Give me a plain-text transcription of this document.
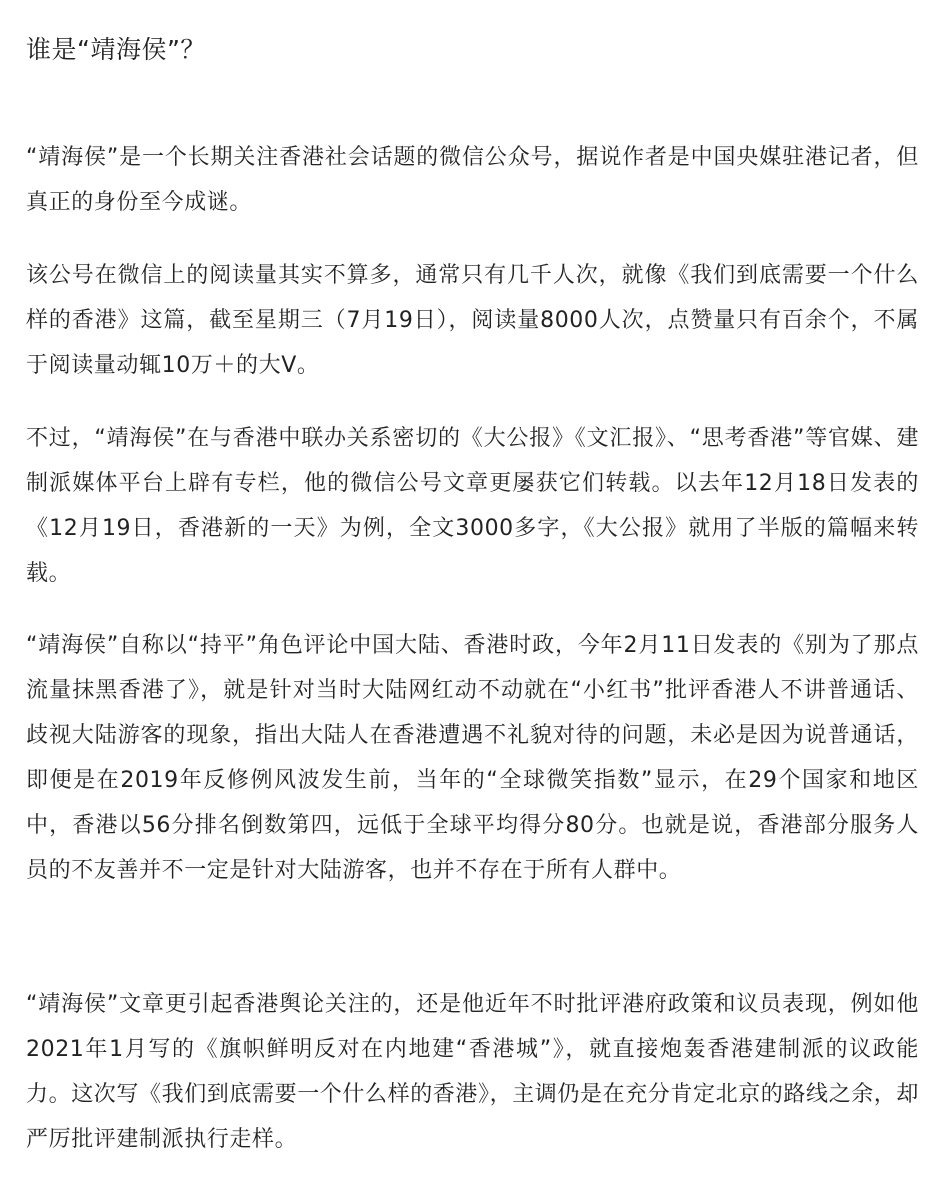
谁是“靖海侯”？

“靖海侯”是一个长期关注香港社会话题的微信公众号，据说作者是中国央媒驻港记者，但真正的身份至今成谜。

该公号在微信上的阅读量其实不算多，通常只有几千人次，就像《我们到底需要一个什么样的香港》这篇，截至星期三（7月19日），阅读量8000人次，点赞量只有百余个，不属于阅读量动辄10万＋的大V。

不过，“靖海侯”在与香港中联办关系密切的《大公报》《文汇报》、“思考香港”等官媒、建制派媒体平台上辟有专栏，他的微信公号文章更屡获它们转载。以去年12月18日发表的《12月19日，香港新的一天》为例，全文3000多字，《大公报》就用了半版的篇幅来转载。

“靖海侯”自称以“持平”角色评论中国大陆、香港时政，今年2月11日发表的《别为了那点流量抹黑香港了》，就是针对当时大陆网红动不动就在“小红书”批评香港人不讲普通话、歧视大陆游客的现象，指出大陆人在香港遭遇不礼貌对待的问题，未必是因为说普通话，即便是在2019年反修例风波发生前，当年的“全球微笑指数”显示，在29个国家和地区中，香港以56分排名倒数第四，远低于全球平均得分80分。也就是说，香港部分服务人员的不友善并不一定是针对大陆游客，也并不存在于所有人群中。

“靖海侯”文章更引起香港舆论关注的，还是他近年不时批评港府政策和议员表现，例如他2021年1月写的《旗帜鲜明反对在内地建“香港城”》，就直接炮轰香港建制派的议政能力。这次写《我们到底需要一个什么样的香港》，主调仍是在充分肯定北京的路线之余，却严厉批评建制派执行走样。
